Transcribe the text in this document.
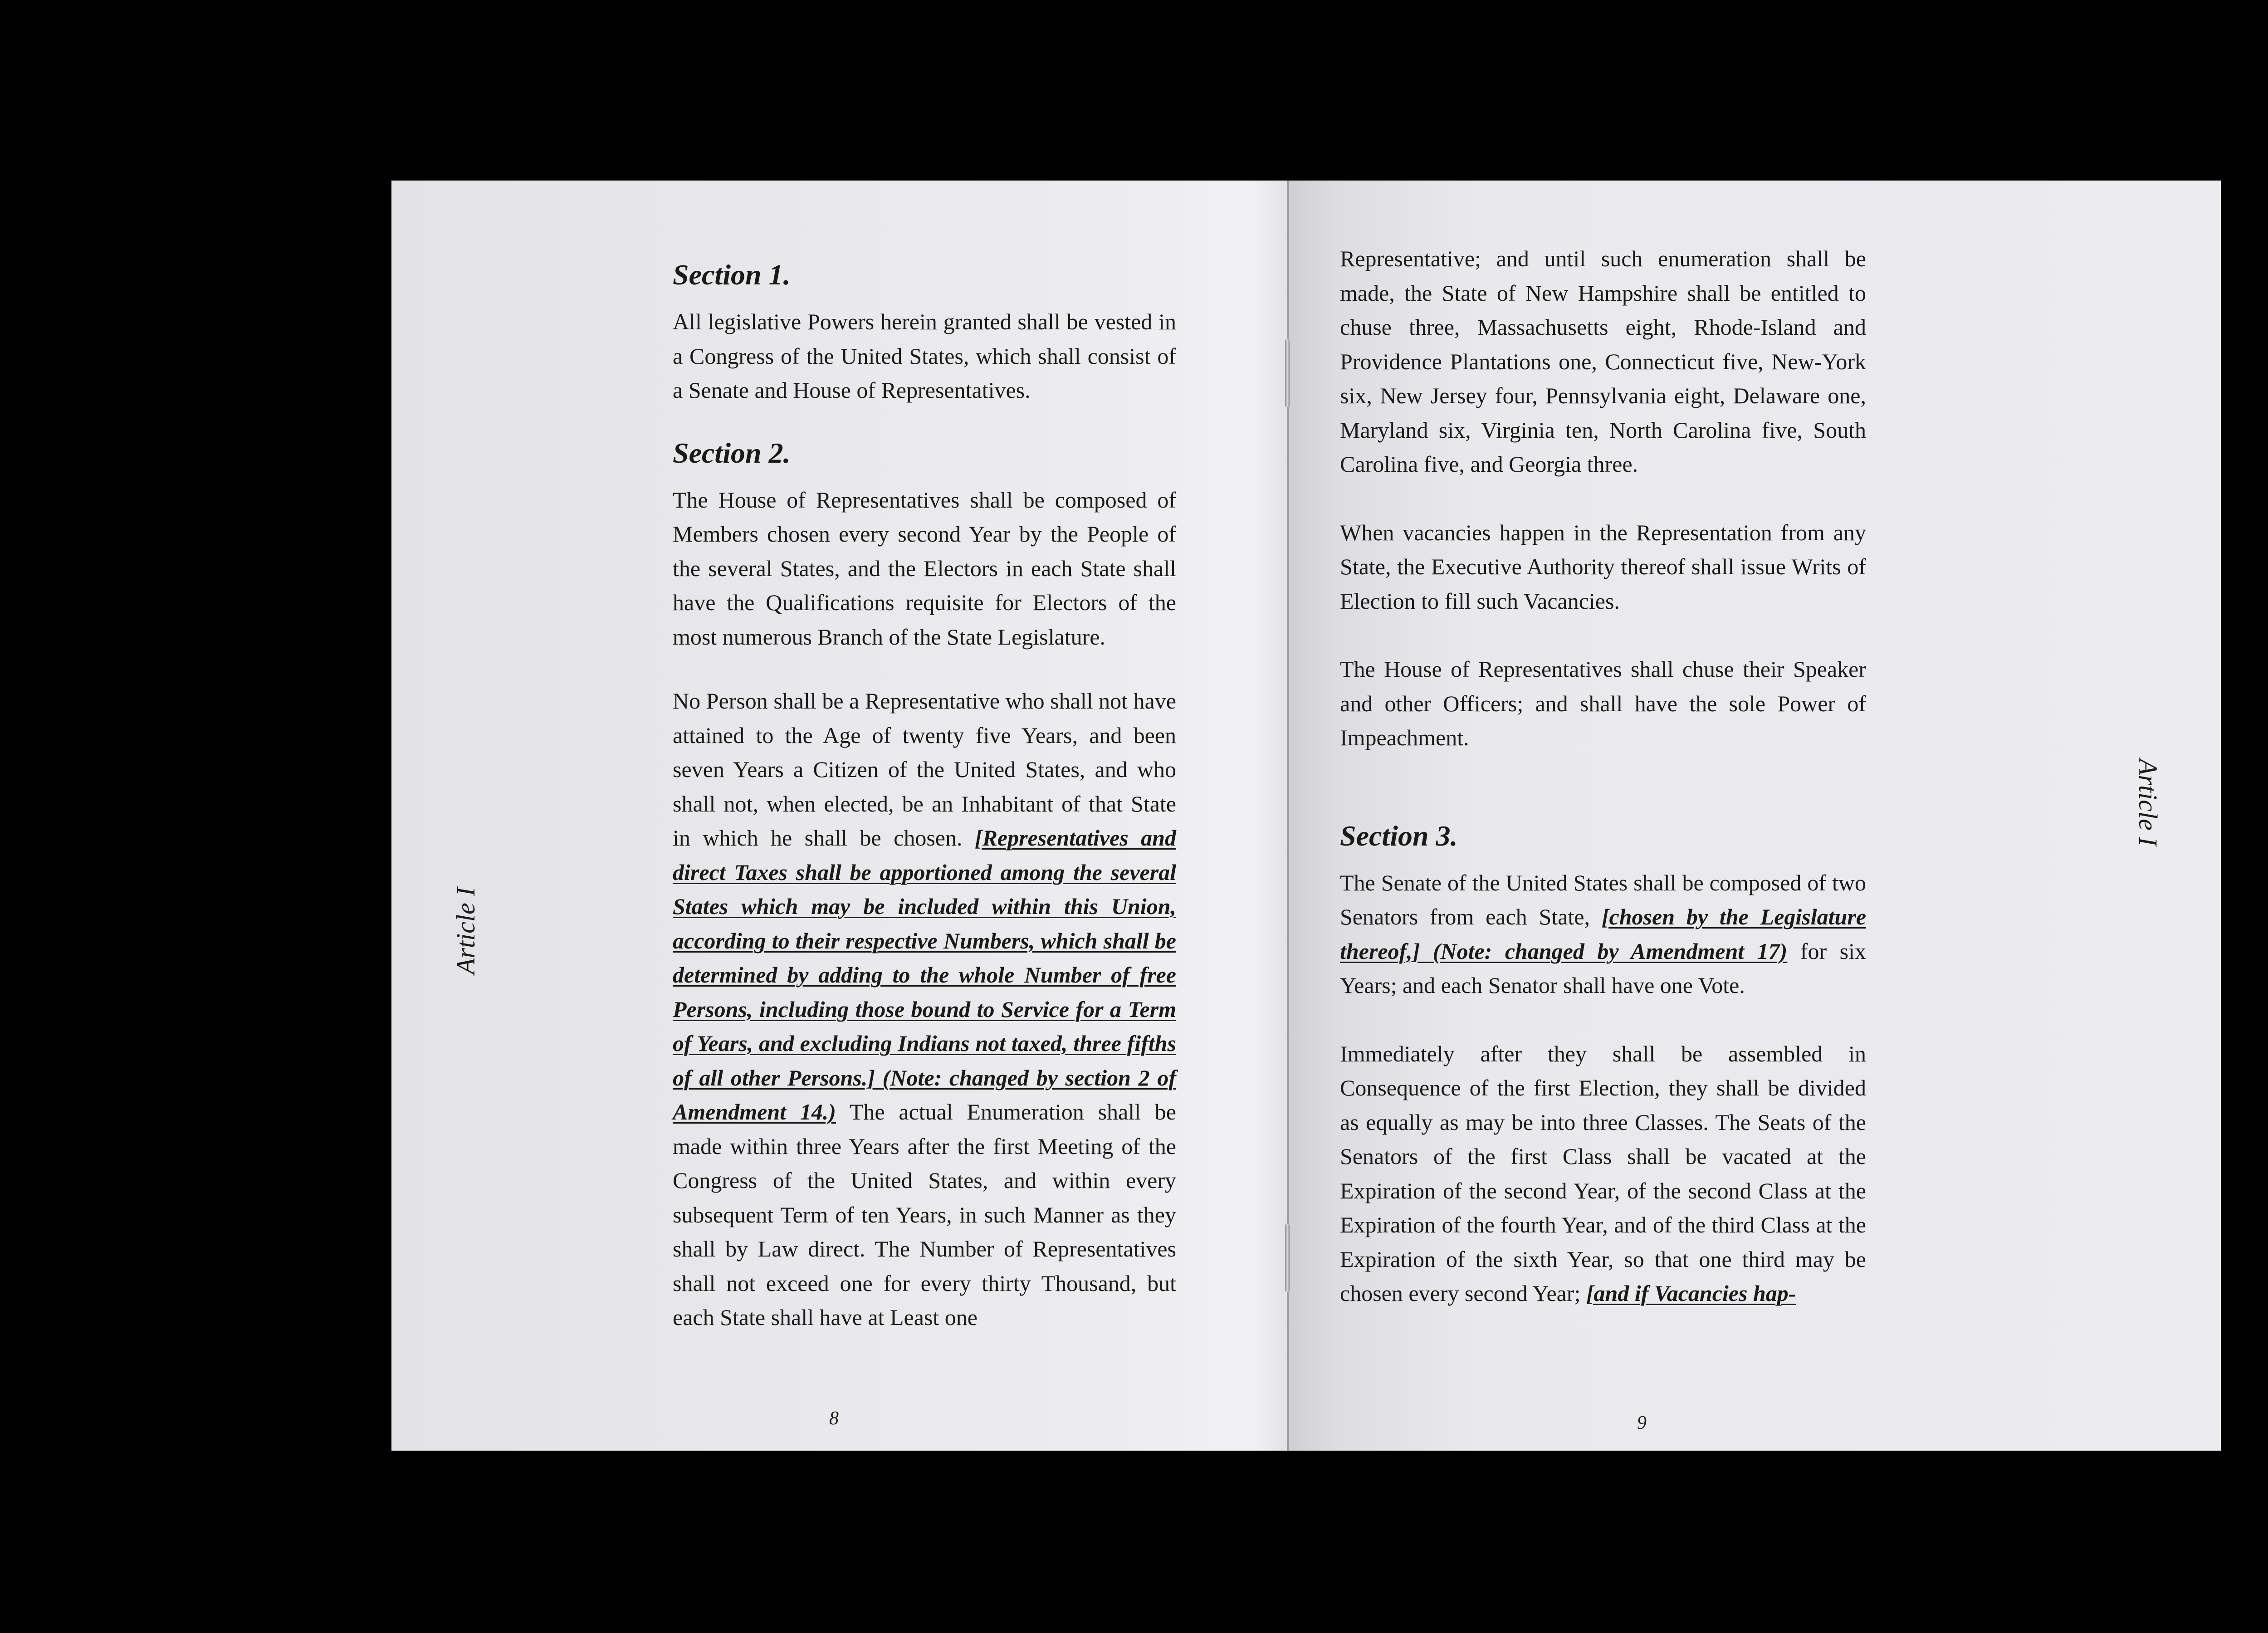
Article I
Section 1.

All legislative Powers herein granted shall be vested in a Congress of the United States, which shall consist of a Senate and House of Representatives.

Section 2.

The House of Representatives shall be composed of Members chosen every second Year by the People of the several States, and the Electors in each State shall have the Qualifications requisite for Electors of the most numerous Branch of the State Legislature.

No Person shall be a Representative who shall not have attained to the Age of twenty five Years, and been seven Years a Citizen of the United States, and who shall not, when elected, be an Inhabitant of that State in which he shall be chosen. [Representatives and direct Taxes shall be apportioned among the several States which may be included within this Union, according to their respective Numbers, which shall be determined by adding to the whole Number of free Persons, including those bound to Service for a Term of Years, and excluding Indians not taxed, three fifths of all other Persons.] (Note: changed by section 2 of Amendment 14.) The actual Enumeration shall be made within three Years after the first Meeting of the Congress of the United States, and within every subsequent Term of ten Years, in such Manner as they shall by Law direct. The Number of Representatives shall not exceed one for every thirty Thousand, but each State shall have at Least one

8

Representative; and until such enumeration shall be made, the State of New Hampshire shall be entitled to chuse three, Massachusetts eight, Rhode-Island and Providence Plantations one, Connecticut five, New-York six, New Jersey four, Pennsylvania eight, Delaware one, Maryland six, Virginia ten, North Carolina five, South Carolina five, and Georgia three.

When vacancies happen in the Representation from any State, the Executive Authority thereof shall issue Writs of Election to fill such Vacancies.

The House of Representatives shall chuse their Speaker and other Officers; and shall have the sole Power of Impeachment.

Section 3.

The Senate of the United States shall be composed of two Senators from each State, [chosen by the Legislature thereof,] (Note: changed by Amendment 17) for six Years; and each Senator shall have one Vote.

Immediately after they shall be assembled in Consequence of the first Election, they shall be divided as equally as may be into three Classes. The Seats of the Senators of the first Class shall be vacated at the Expiration of the second Year, of the second Class at the Expiration of the fourth Year, and of the third Class at the Expiration of the sixth Year, so that one third may be chosen every second Year; [and if Vacancies hap-

Article I
9
